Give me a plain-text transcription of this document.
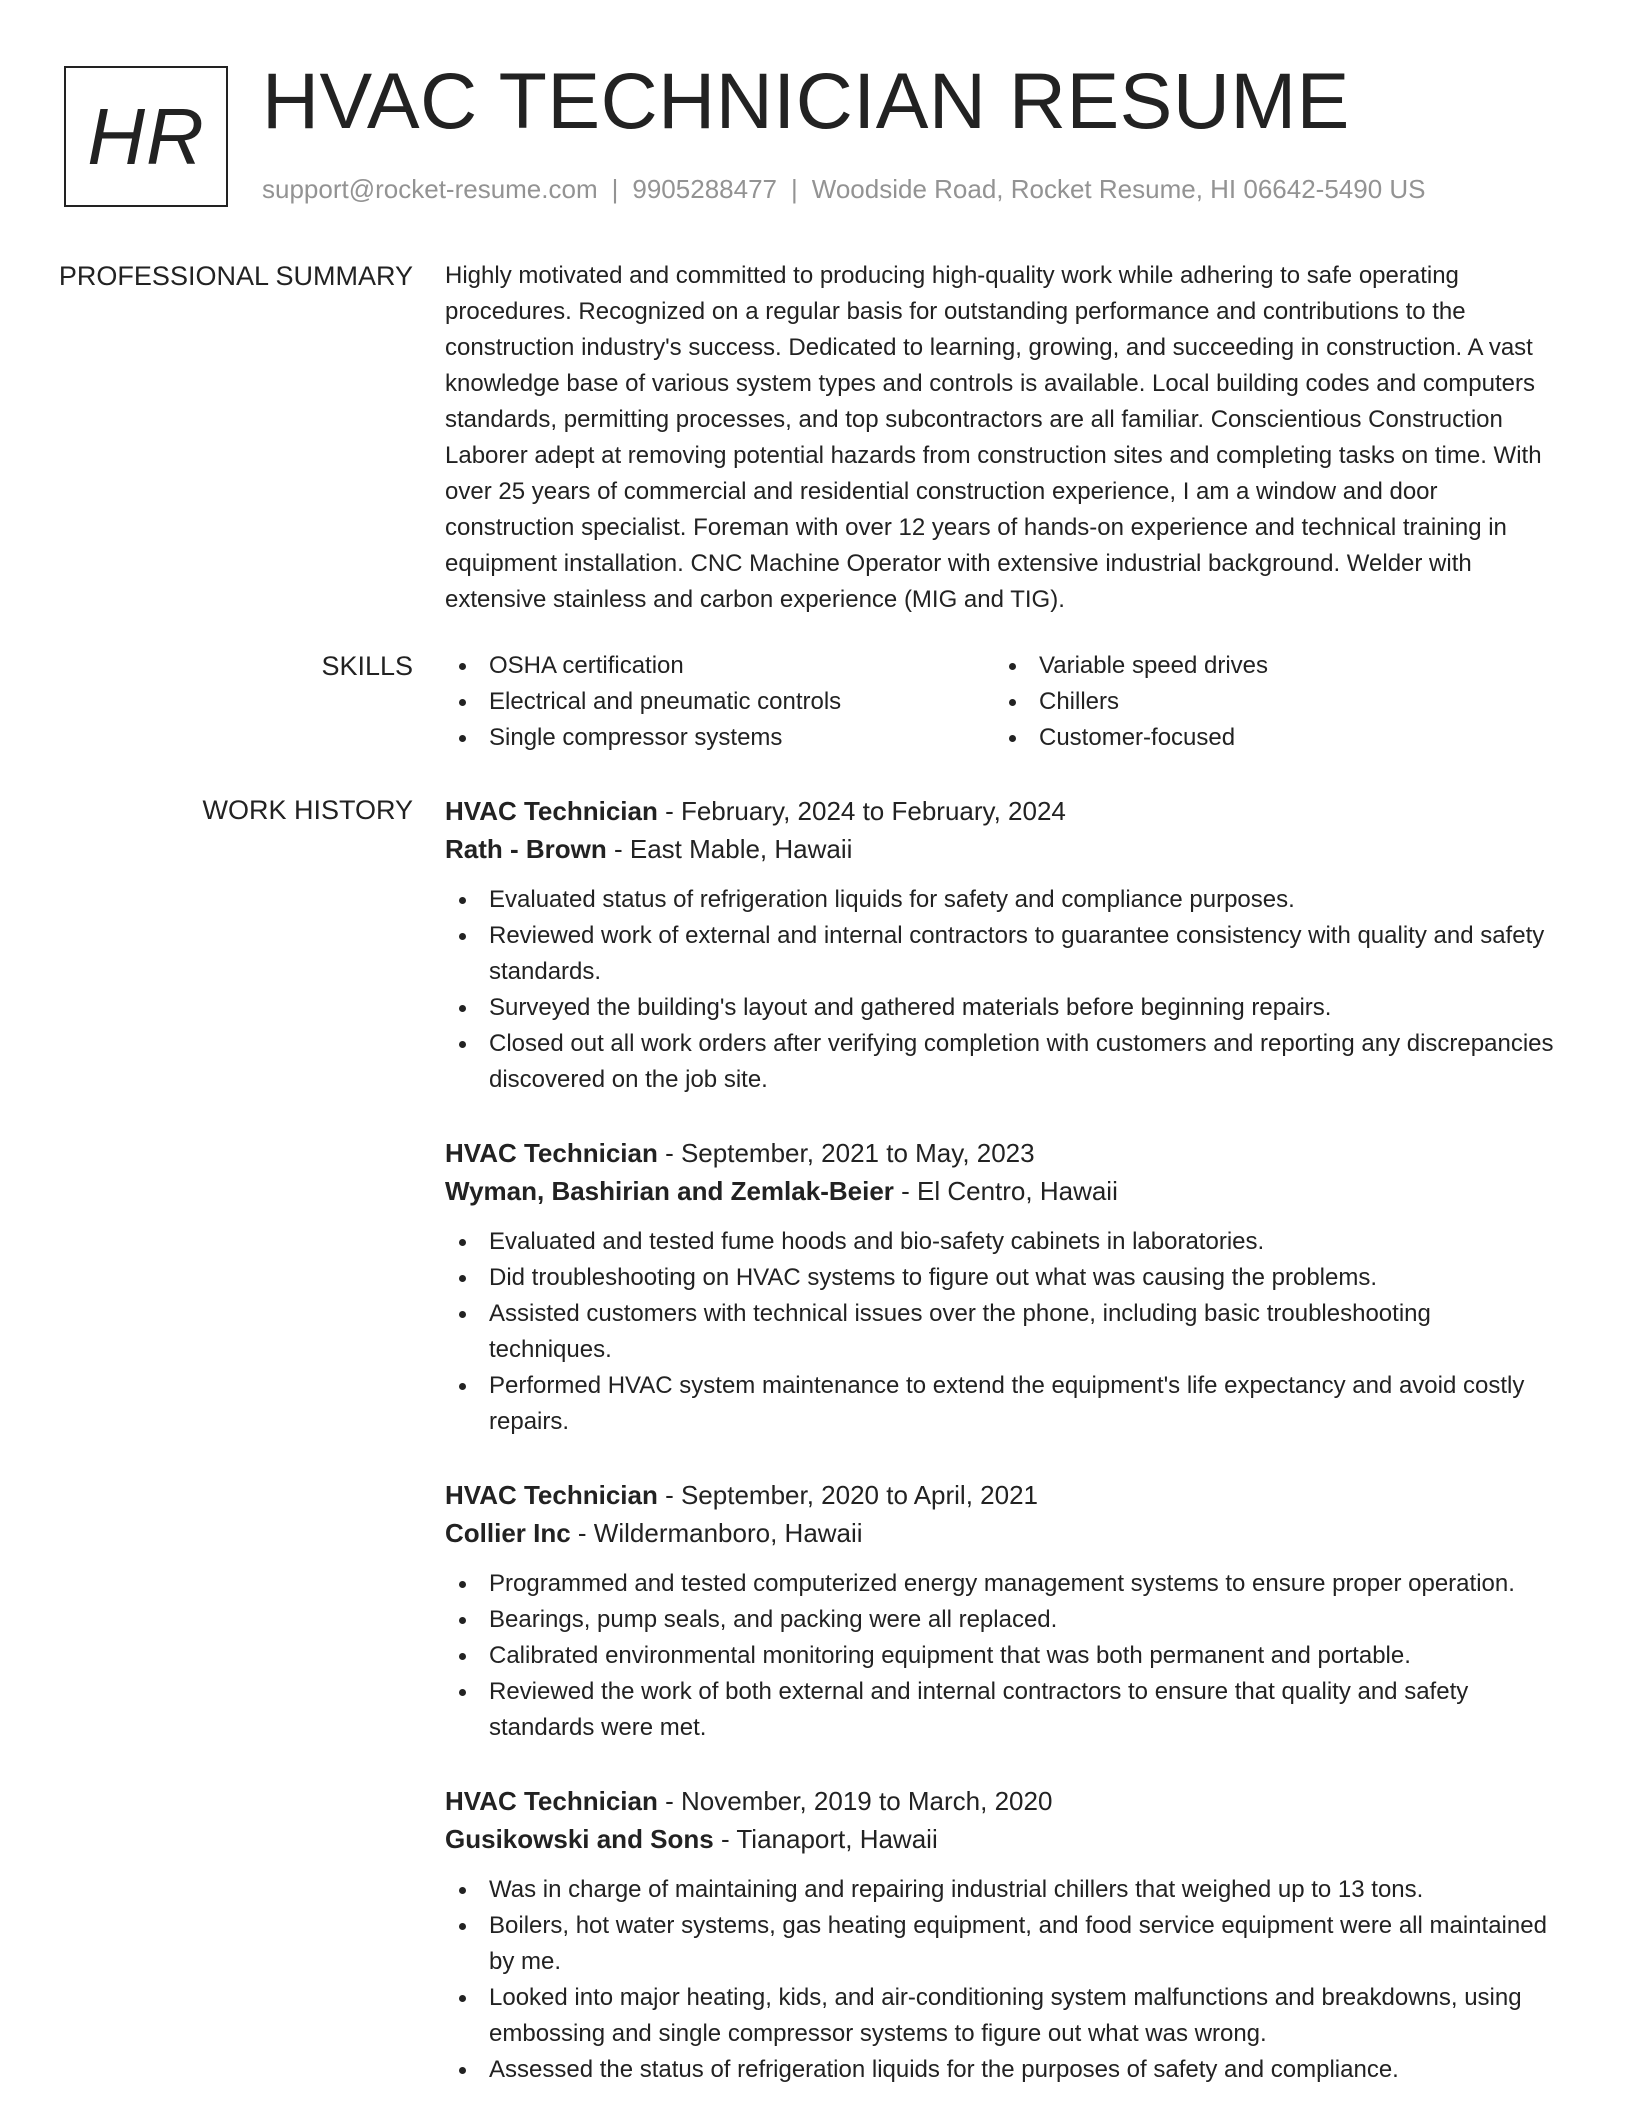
HR HVAC TECHNICIAN RESUME
support@rocket-resume.com | 9905288477 | Woodside Road, Rocket Resume, HI 06642-5490 US
PROFESSIONAL SUMMARY Highly motivated and committed to producing high-quality work while adhering to safe operating procedures. Recognized on a regular basis for outstanding performance and contributions to the construction industry's success. Dedicated to learning, growing, and succeeding in construction. A vast knowledge base of various system types and controls is available. Local building codes and computers standards, permitting processes, and top subcontractors are all familiar. Conscientious Construction Laborer adept at removing potential hazards from construction sites and completing tasks on time. With over 25 years of commercial and residential construction experience, I am a window and door construction specialist. Foreman with over 12 years of hands-on experience and technical training in equipment installation. CNC Machine Operator with extensive industrial background. Welder with extensive stainless and carbon experience (MIG and TIG).

SKILLS	OSHA certification
Electrical and pneumatic controls
Single compressor systems
Variable speed drives
Chillers
Customer-focused
WORK HISTORY HVAC Technician - February, 2024 to February, 2024
Rath - Brown - East Mable, Hawaii
Evaluated status of refrigeration liquids for safety and compliance purposes.
Reviewed work of external and internal contractors to guarantee consistency with quality and safety standards.
Surveyed the building's layout and gathered materials before beginning repairs.
Closed out all work orders after verifying completion with customers and reporting any discrepancies discovered on the job site.
HVAC Technician - September, 2021 to May, 2023
Wyman, Bashirian and Zemlak-Beier - El Centro, Hawaii
Evaluated and tested fume hoods and bio-safety cabinets in laboratories.
Did troubleshooting on HVAC systems to figure out what was causing the problems.
Assisted customers with technical issues over the phone, including basic troubleshooting techniques.
Performed HVAC system maintenance to extend the equipment's life expectancy and avoid costly repairs.
HVAC Technician - September, 2020 to April, 2021
Collier Inc - Wildermanboro, Hawaii
Programmed and tested computerized energy management systems to ensure proper operation.
Bearings, pump seals, and packing were all replaced.
Calibrated environmental monitoring equipment that was both permanent and portable.
Reviewed the work of both external and internal contractors to ensure that quality and safety standards were met.
HVAC Technician - November, 2019 to March, 2020
Gusikowski and Sons - Tianaport, Hawaii
Was in charge of maintaining and repairing industrial chillers that weighed up to 13 tons.
Boilers, hot water systems, gas heating equipment, and food service equipment were all maintained by me.
Looked into major heating, kids, and air-conditioning system malfunctions and breakdowns, using embossing and single compressor systems to figure out what was wrong.
Assessed the status of refrigeration liquids for the purposes of safety and compliance.
